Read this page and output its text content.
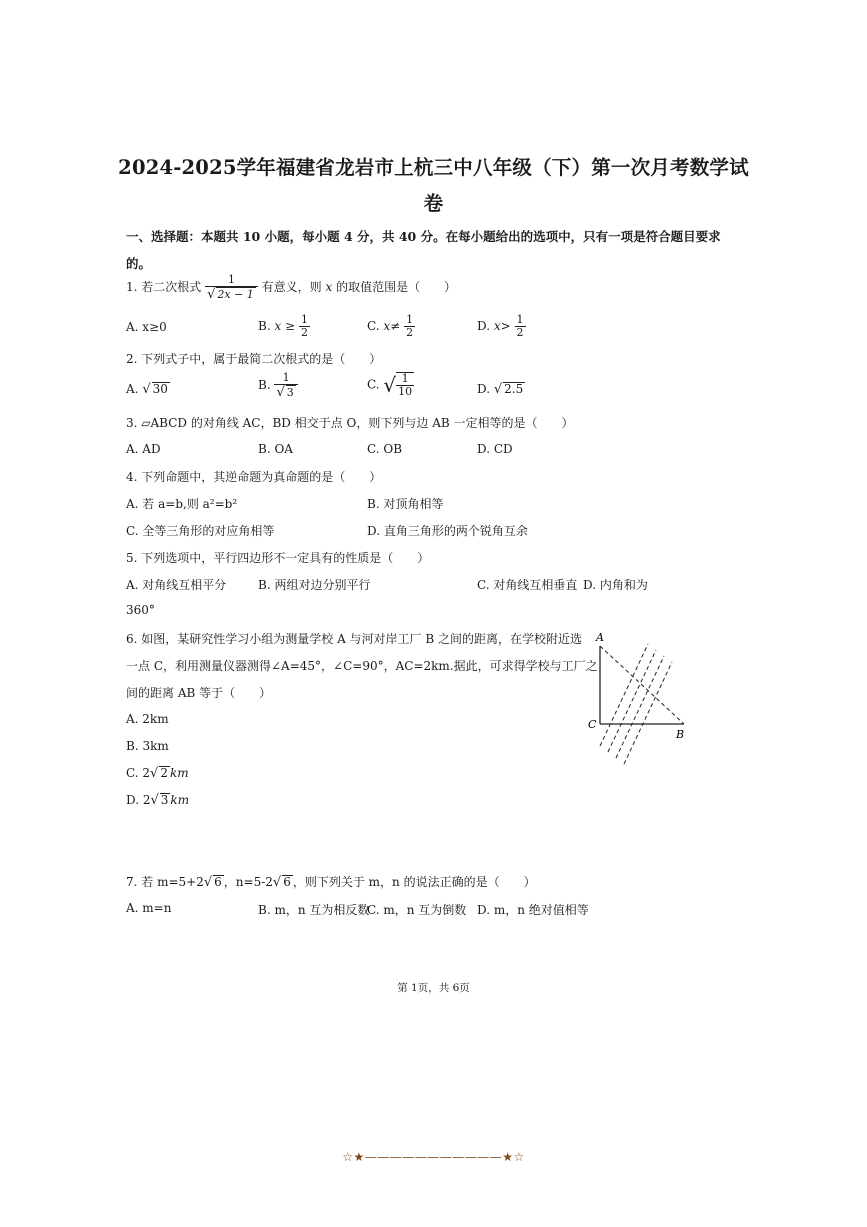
2024-2025学年福建省龙岩市上杭三中八年级（下）第一次月考数学试
卷
一、选择题：本题共 10 小题，每小题 4 分，共 40 分。在每小题给出的选项中，只有一项是符合题目要求
的。
1. 若二次根式 $\frac{1}{√ 2x - 1}$ 有意义，则 x 的取值范围是（　　）
A. x≥0	B. $x \ge \frac{1}{2}$	C. $x\ne \frac{1}{2}$	D. $x> \frac{1}{2}$
2. 下列式子中，属于最简二次根式的是（　　）
A. √ 30	B. $\frac{1}{√ 3}$	C. √ $\frac{1}{10}$	D. √ 2.5
3. ▱ABCD 的对角线 AC，BD 相交于点 O，则下列与边 AB 一定相等的是（　　）
A. AD	B. OA	C. OB	D. CD
4. 下列命题中，其逆命题为真命题的是（　　）
A. 若 a=b,则 a²=b²	B. 对顶角相等
C. 全等三角形的对应角相等	D. 直角三角形的两个锐角互余
5. 下列选项中，平行四边形不一定具有的性质是（　　）
A. 对角线互相平分	B. 两组对边分别平行	C. 对角线互相垂直 D. 内角和为
360°
6. 如图，某研究性学习小组为测量学校 A 与河对岸工厂 B 之间的距离，在学校附近选
一点 C，利用测量仪器测得∠A=45°，∠C=90°，AC=2km.据此，可求得学校与工厂之
间的距离 AB 等于（　　）
A. 2km
B. 3km
C. 2√ 2 km
D. 2√ 3 km
A
C
B
7. 若 m=5+2√ 6 ，n=5-2√ 6 ，则下列关于 m，n 的说法正确的是（　　）
A. m=n	B. m，n 互为相反数
C. m，n 互为倒数 D. m，n 绝对值相等
第 1页，共 6页
☆★———————————★☆
